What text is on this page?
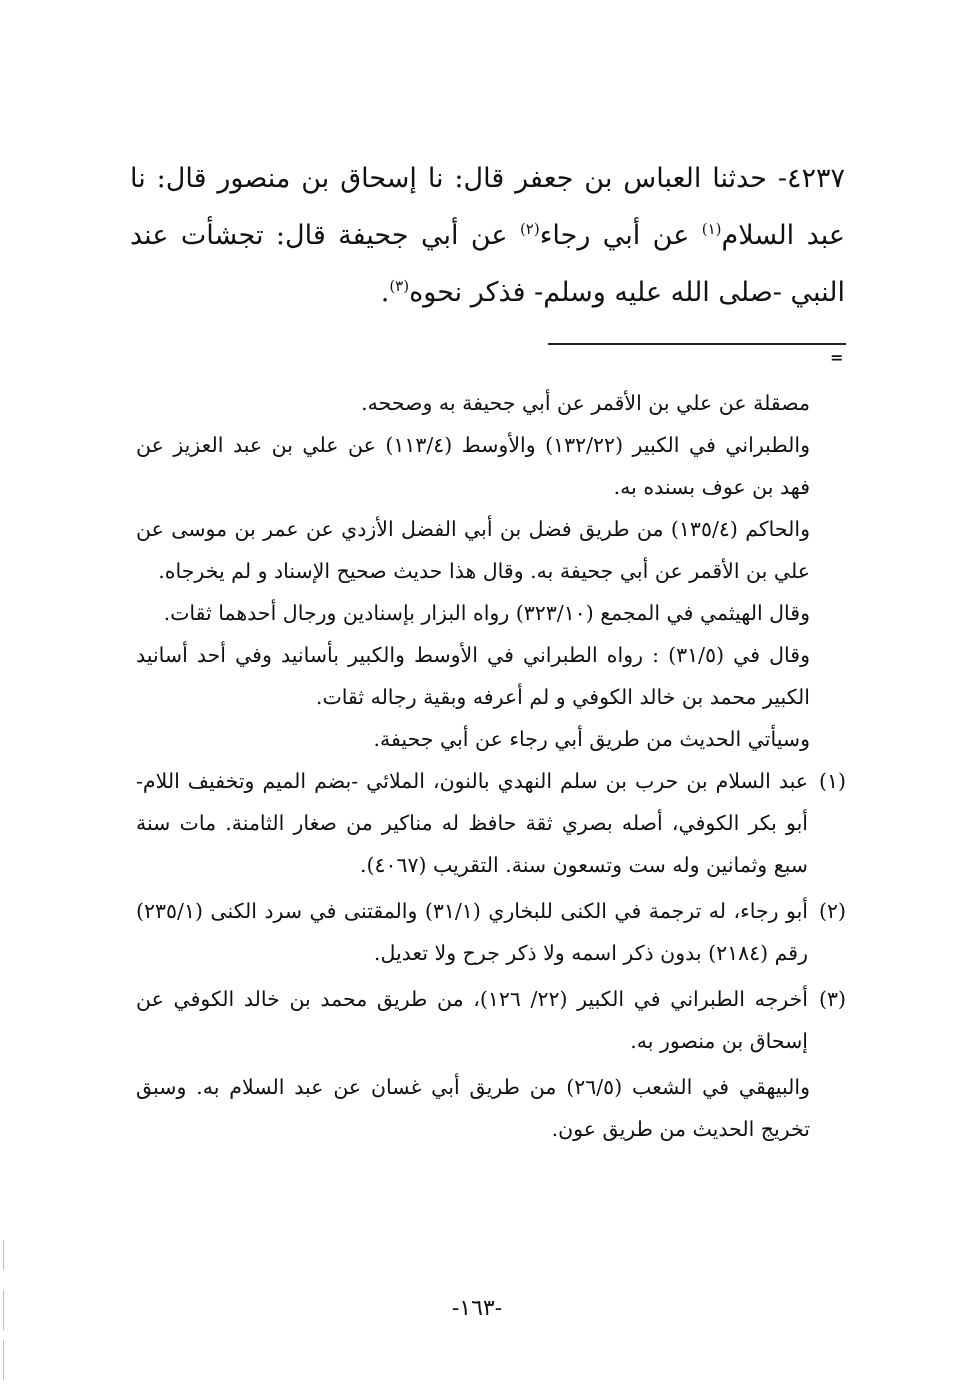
٤٢٣٧- حدثنا العباس بن جعفر قال: نا إسحاق بن منصور قال: نا عبد السلام$^{(١)}$ عن أبي رجاء$^{(٢)}$ عن أبي جحيفة قال: تجشأت عند النبي -صلى الله عليه وسلم- فذكر نحوه$^{(٣)}$.

=

مصقلة عن علي بن الأقمر عن أبي جحيفة به وصححه.

والطبراني في الكبير (١٣٢/٢٢) والأوسط (١١٣/٤) عن علي بن عبد العزيز عن فهد بن عوف بسنده به.

والحاكم (١٣٥/٤) من طريق فضل بن أبي الفضل الأزدي عن عمر بن موسى عن علي بن الأقمر عن أبي جحيفة به. وقال هذا حديث صحيح الإسناد و لم يخرجاه.

وقال الهيثمي في المجمع (٣٢٣/١٠) رواه البزار بإسنادين ورجال أحدهما ثقات.

وقال في (٣١/٥) : رواه الطبراني في الأوسط والكبير بأسانيد وفي أحد أسانيد الكبير محمد بن خالد الكوفي و لم أعرفه وبقية رجاله ثقات.

وسيأتي الحديث من طريق أبي رجاء عن أبي جحيفة.

(١)

عبد السلام بن حرب بن سلم النهدي بالنون، الملائي -بضم الميم وتخفيف اللام- أبو بكر الكوفي، أصله بصري ثقة حافظ له مناكير من صغار الثامنة. مات سنة سبع وثمانين وله ست وتسعون سنة. التقريب (٤٠٦٧).

(٢)

أبو رجاء، له ترجمة في الكنى للبخاري (٣١/١) والمقتنى في سرد الكنى (٢٣٥/١) رقم (٢١٨٤) بدون ذكر اسمه ولا ذكر جرح ولا تعديل.

(٣)

أخرجه الطبراني في الكبير (٢٢/ ١٢٦)، من طريق محمد بن خالد الكوفي عن إسحاق بن منصور به.

والبيهقي في الشعب (٢٦/٥) من طريق أبي غسان عن عبد السلام به. وسبق تخريج الحديث من طريق عون.

-١٦٣-
